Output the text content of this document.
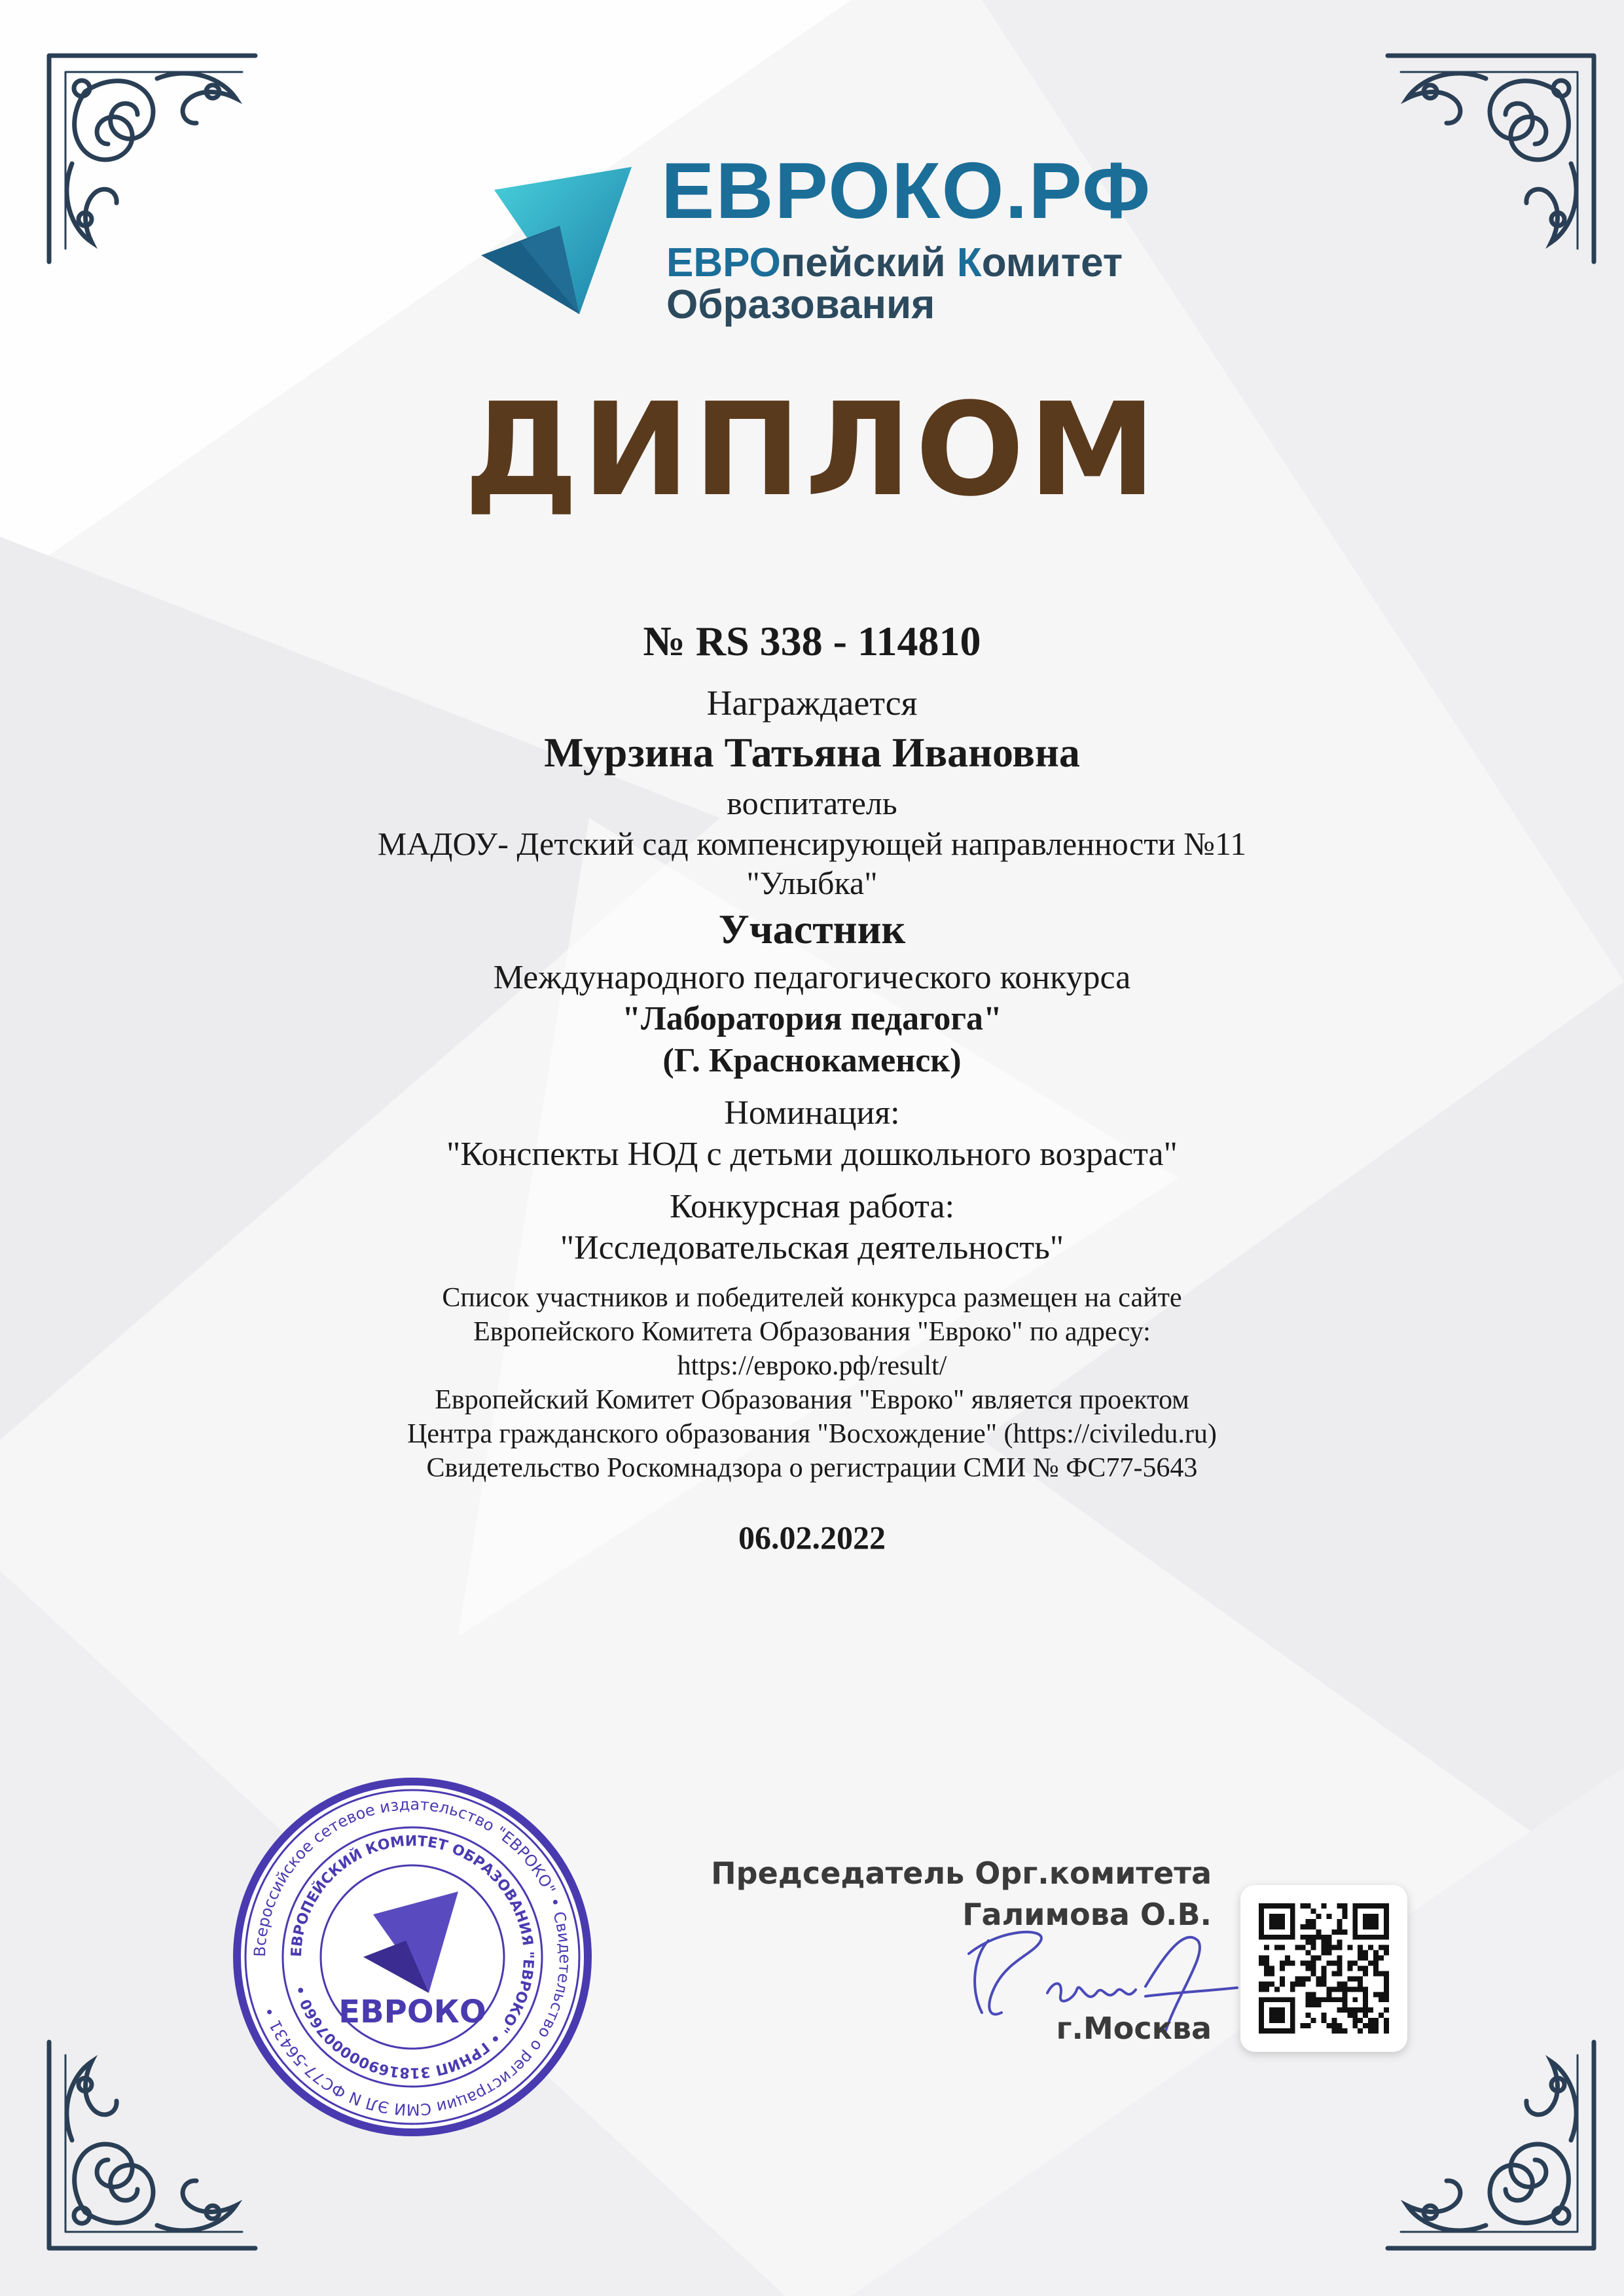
ЕВРОКО.РФ
ЕВРОпейский Комитет
Образования
ДИПЛОМ
№ RS 338 - 114810
Награждается
Мурзина Татьяна Ивановна
воспитатель
МАДОУ- Детский сад компенсирующей направленности №11
"Улыбка"
Участник
Международного педагогического конкурса
"Лаборатория педагога"
(Г. Краснокаменск)
Номинация:
"Конспекты НОД с детьми дошкольного возраста"
Конкурсная работа:
"Исследовательская деятельность"
Список участников и победителей конкурса размещен на сайте
Европейского Комитета Образования "Евроко" по адресу:
https://евроко.рф/result/
Европейский Комитет Образования "Евроко" является проектом
Центра гражданского образования "Восхождение" (https://civiledu.ru)
Свидетельство Роскомнадзора о регистрации СМИ № ФС77-5643
06.02.2022
Всероссийское сетевое издательство "ЕВРОКО" • Свидетельство о регистрации СМИ ЭЛ N ФС77-56431 •
ЕВРОПЕЙСКИЙ КОМИТЕТ ОБРАЗОВАНИЯ "ЕВРОКО" • ГРНИП 318169000007660 •
ЕВРОКО
Председатель Орг.комитета
Галимова О.В.
г.Москва
